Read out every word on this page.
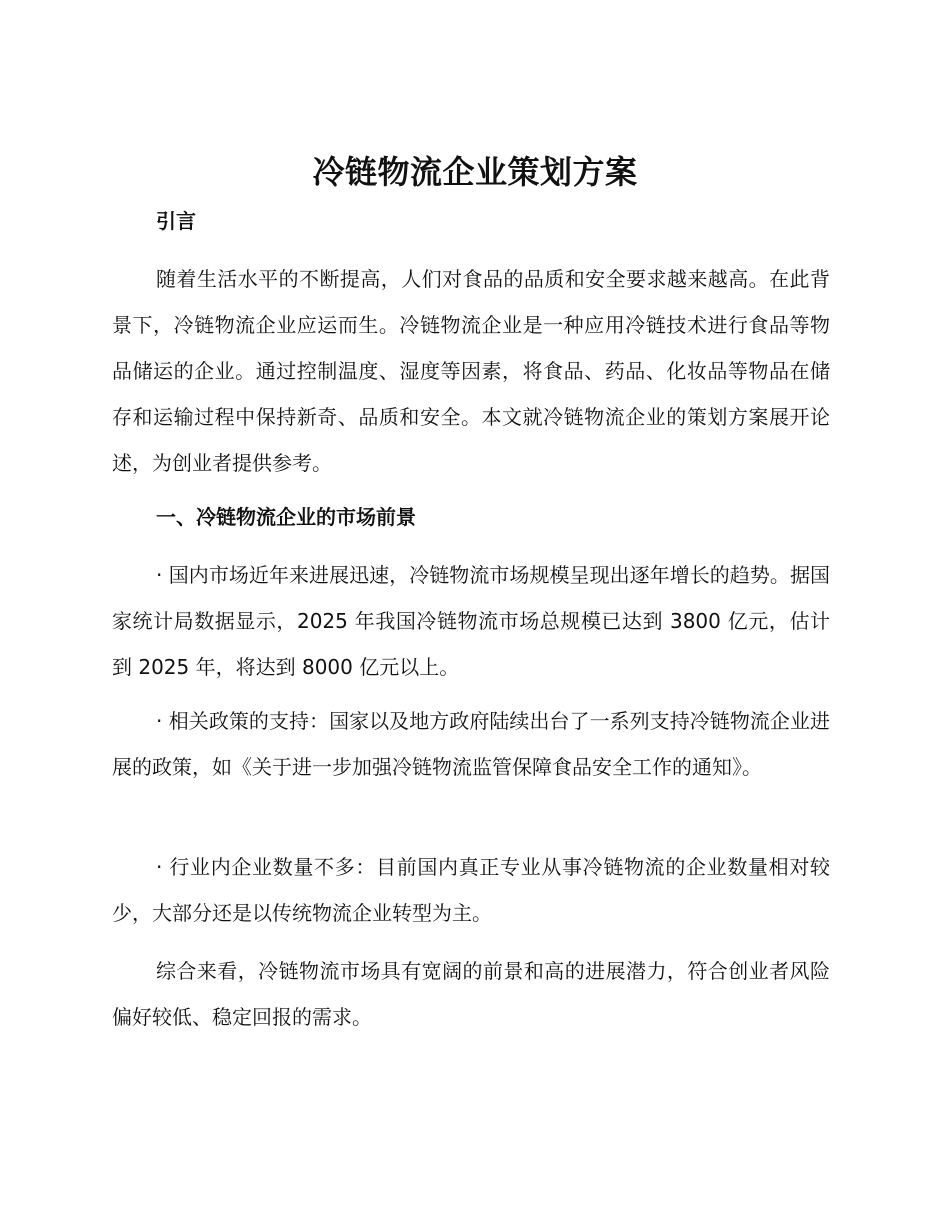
冷链物流企业策划方案
引言

随着生活水平的不断提高，人们对食品的品质和安全要求越来越高。在此背景下，冷链物流企业应运而生。冷链物流企业是一种应用冷链技术进行食品等物品储运的企业。通过控制温度、湿度等因素，将食品、药品、化妆品等物品在储存和运输过程中保持新奇、品质和安全。本文就冷链物流企业的策划方案展开论述，为创业者提供参考。

一、冷链物流企业的市场前景

· 国内市场近年来进展迅速，冷链物流市场规模呈现出逐年增长的趋势。据国家统计局数据显示，2025 年我国冷链物流市场总规模已达到 3800 亿元，估计到 2025 年，将达到 8000 亿元以上。

· 相关政策的支持：国家以及地方政府陆续出台了一系列支持冷链物流企业进展的政策，如《关于进一步加强冷链物流监管保障食品安全工作的通知》。

· 行业内企业数量不多：目前国内真正专业从事冷链物流的企业数量相对较少，大部分还是以传统物流企业转型为主。

综合来看，冷链物流市场具有宽阔的前景和高的进展潜力，符合创业者风险偏好较低、稳定回报的需求。
